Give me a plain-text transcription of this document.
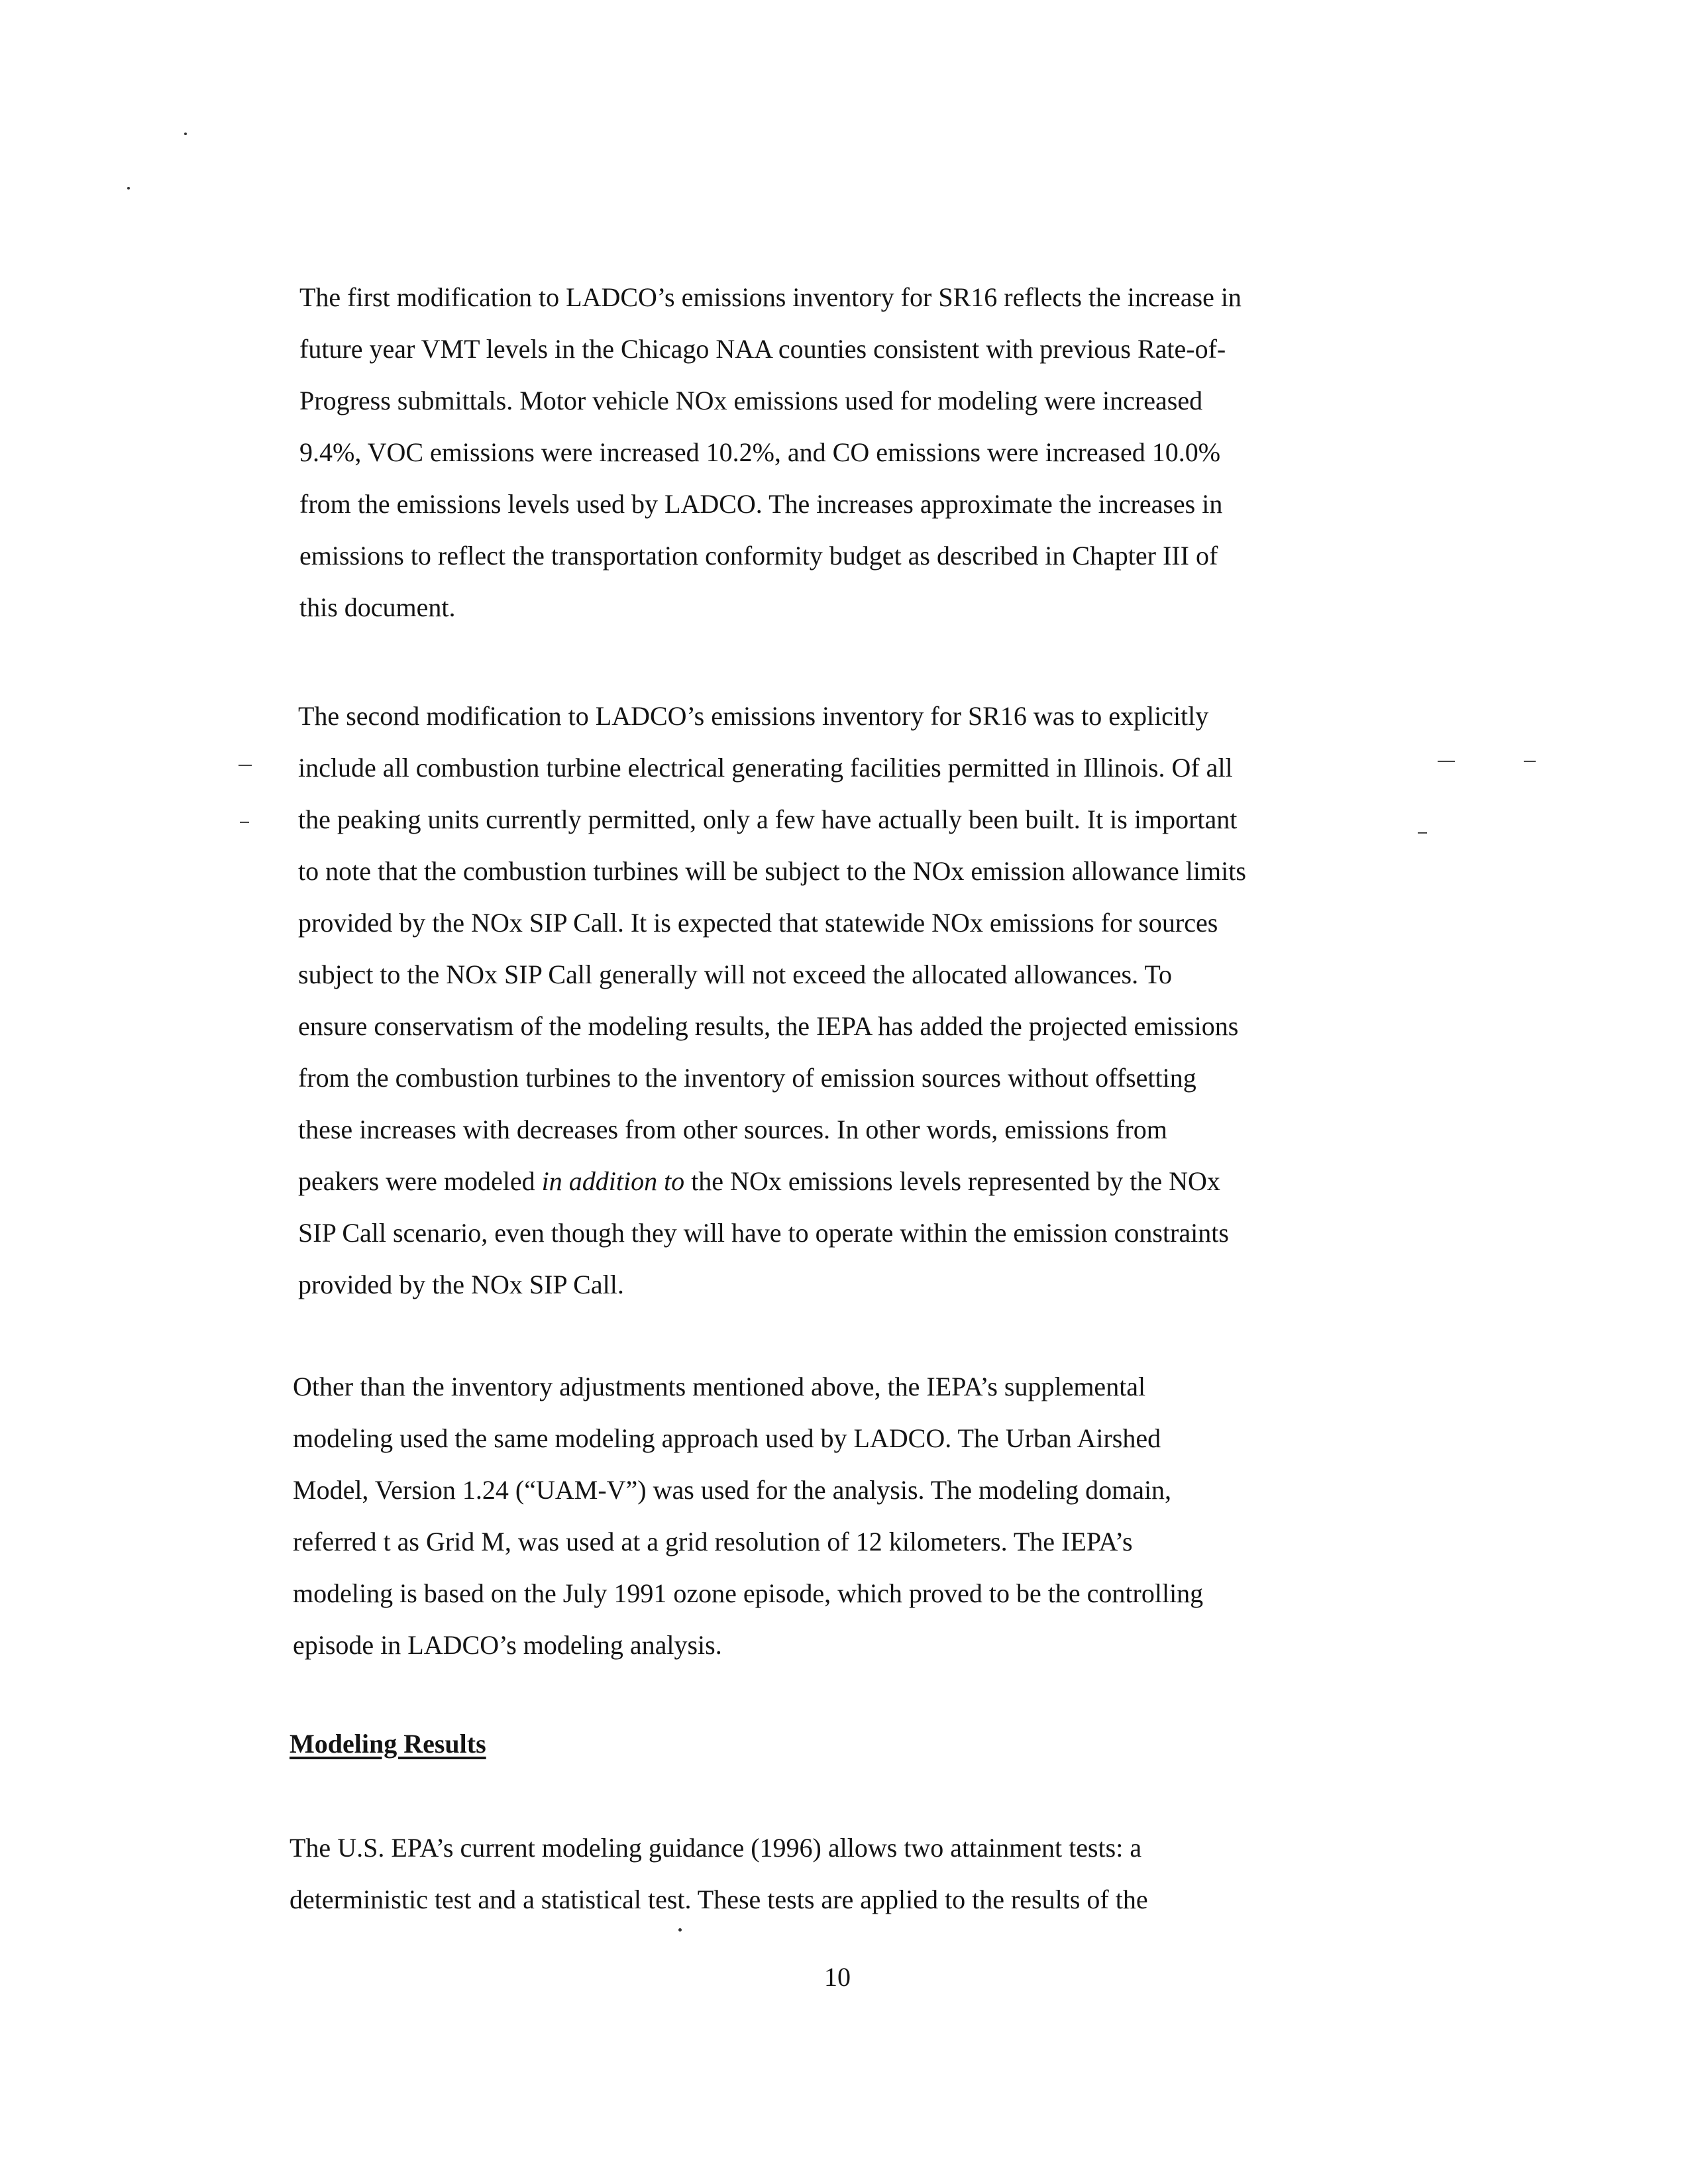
The first modification to LADCO’s emissions inventory for SR16 reflects the increase in
future year VMT levels in the Chicago NAA counties consistent with previous Rate-of-
Progress submittals. Motor vehicle NOx emissions used for modeling were increased
9.4%, VOC emissions were increased 10.2%, and CO emissions were increased 10.0%
from the emissions levels used by LADCO. The increases approximate the increases in
emissions to reflect the transportation conformity budget as described in Chapter III of
this document.

The second modification to LADCO’s emissions inventory for SR16 was to explicitly
include all combustion turbine electrical generating facilities permitted in Illinois. Of all
the peaking units currently permitted, only a few have actually been built. It is important
to note that the combustion turbines will be subject to the NOx emission allowance limits
provided by the NOx SIP Call. It is expected that statewide NOx emissions for sources
subject to the NOx SIP Call generally will not exceed the allocated allowances. To
ensure conservatism of the modeling results, the IEPA has added the projected emissions
from the combustion turbines to the inventory of emission sources without offsetting
these increases with decreases from other sources. In other words, emissions from
peakers were modeled in addition to the NOx emissions levels represented by the NOx
SIP Call scenario, even though they will have to operate within the emission constraints
provided by the NOx SIP Call.

Other than the inventory adjustments mentioned above, the IEPA’s supplemental
modeling used the same modeling approach used by LADCO. The Urban Airshed
Model, Version 1.24 (“UAM-V”) was used for the analysis. The modeling domain,
referred t as Grid M, was used at a grid resolution of 12 kilometers. The IEPA’s
modeling is based on the July 1991 ozone episode, which proved to be the controlling
episode in LADCO’s modeling analysis.

Modeling Results

The U.S. EPA’s current modeling guidance (1996) allows two attainment tests: a
deterministic test and a statistical test. These tests are applied to the results of the

10
